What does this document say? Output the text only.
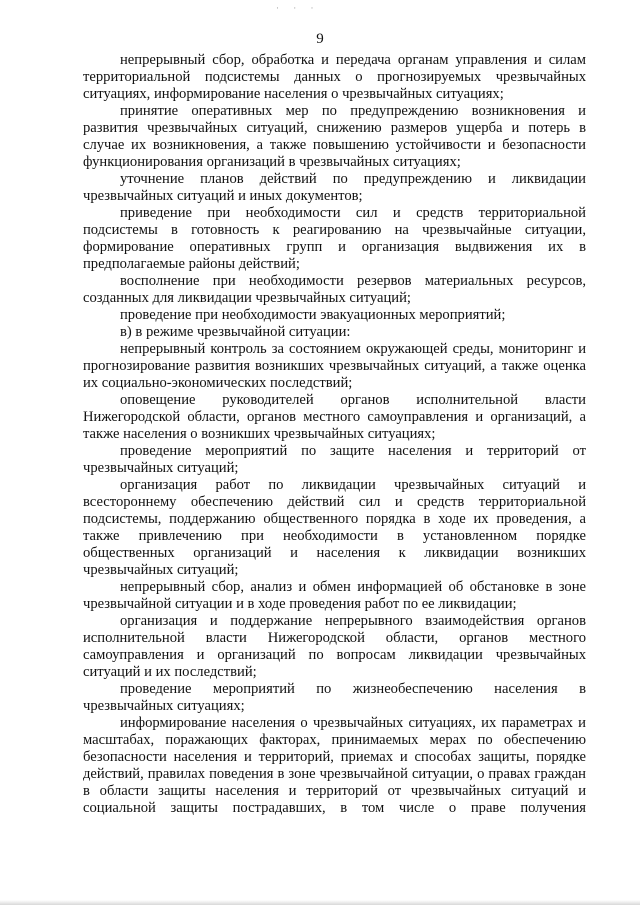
· · ·
9

непрерывный сбор, обработка и передача органам управления и силам территориальной подсистемы данных о прогнозируемых чрезвычайных ситуациях, информирование населения о чрезвычайных ситуациях;

принятие оперативных мер по предупреждению возникновения и развития чрезвычайных ситуаций, снижению размеров ущерба и потерь в случае их возникновения, а также повышению устойчивости и безопасности функционирования организаций в чрезвычайных ситуациях;

уточнение планов действий по предупреждению и ликвидации чрезвычайных ситуаций и иных документов;

приведение при необходимости сил и средств территориальной подсистемы в готовность к реагированию на чрезвычайные ситуации, формирование оперативных групп и организация выдвижения их в предполагаемые районы действий;

восполнение при необходимости резервов материальных ресурсов, созданных для ликвидации чрезвычайных ситуаций;

проведение при необходимости эвакуационных мероприятий;

в) в режиме чрезвычайной ситуации:

непрерывный контроль за состоянием окружающей среды, мониторинг и прогнозирование развития возникших чрезвычайных ситуаций, а также оценка их социально-экономических последствий;

оповещение руководителей органов исполнительной власти Нижегородской области, органов местного самоуправления и организаций, а также населения о возникших чрезвычайных ситуациях;

проведение мероприятий по защите населения и территорий от чрезвычайных ситуаций;

организация работ по ликвидации чрезвычайных ситуаций и всестороннему обеспечению действий сил и средств территориальной подсистемы, поддержанию общественного порядка в ходе их проведения, а также привлечению при необходимости в установленном порядке общественных организаций и населения к ликвидации возникших чрезвычайных ситуаций;

непрерывный сбор, анализ и обмен информацией об обстановке в зоне чрезвычайной ситуации и в ходе проведения работ по ее ликвидации;

организация и поддержание непрерывного взаимодействия органов исполнительной власти Нижегородской области, органов местного самоуправления и организаций по вопросам ликвидации чрезвычайных ситуаций и их последствий;

проведение мероприятий по жизнеобеспечению населения в чрезвычайных ситуациях;

информирование населения о чрезвычайных ситуациях, их параметрах и масштабах, поражающих факторах, принимаемых мерах по обеспечению безопасности населения и территорий, приемах и способах защиты, порядке действий, правилах поведения в зоне чрезвычайной ситуации, о правах граждан в области защиты населения и территорий от чрезвычайных ситуаций и социальной защиты пострадавших, в том числе о праве получения
